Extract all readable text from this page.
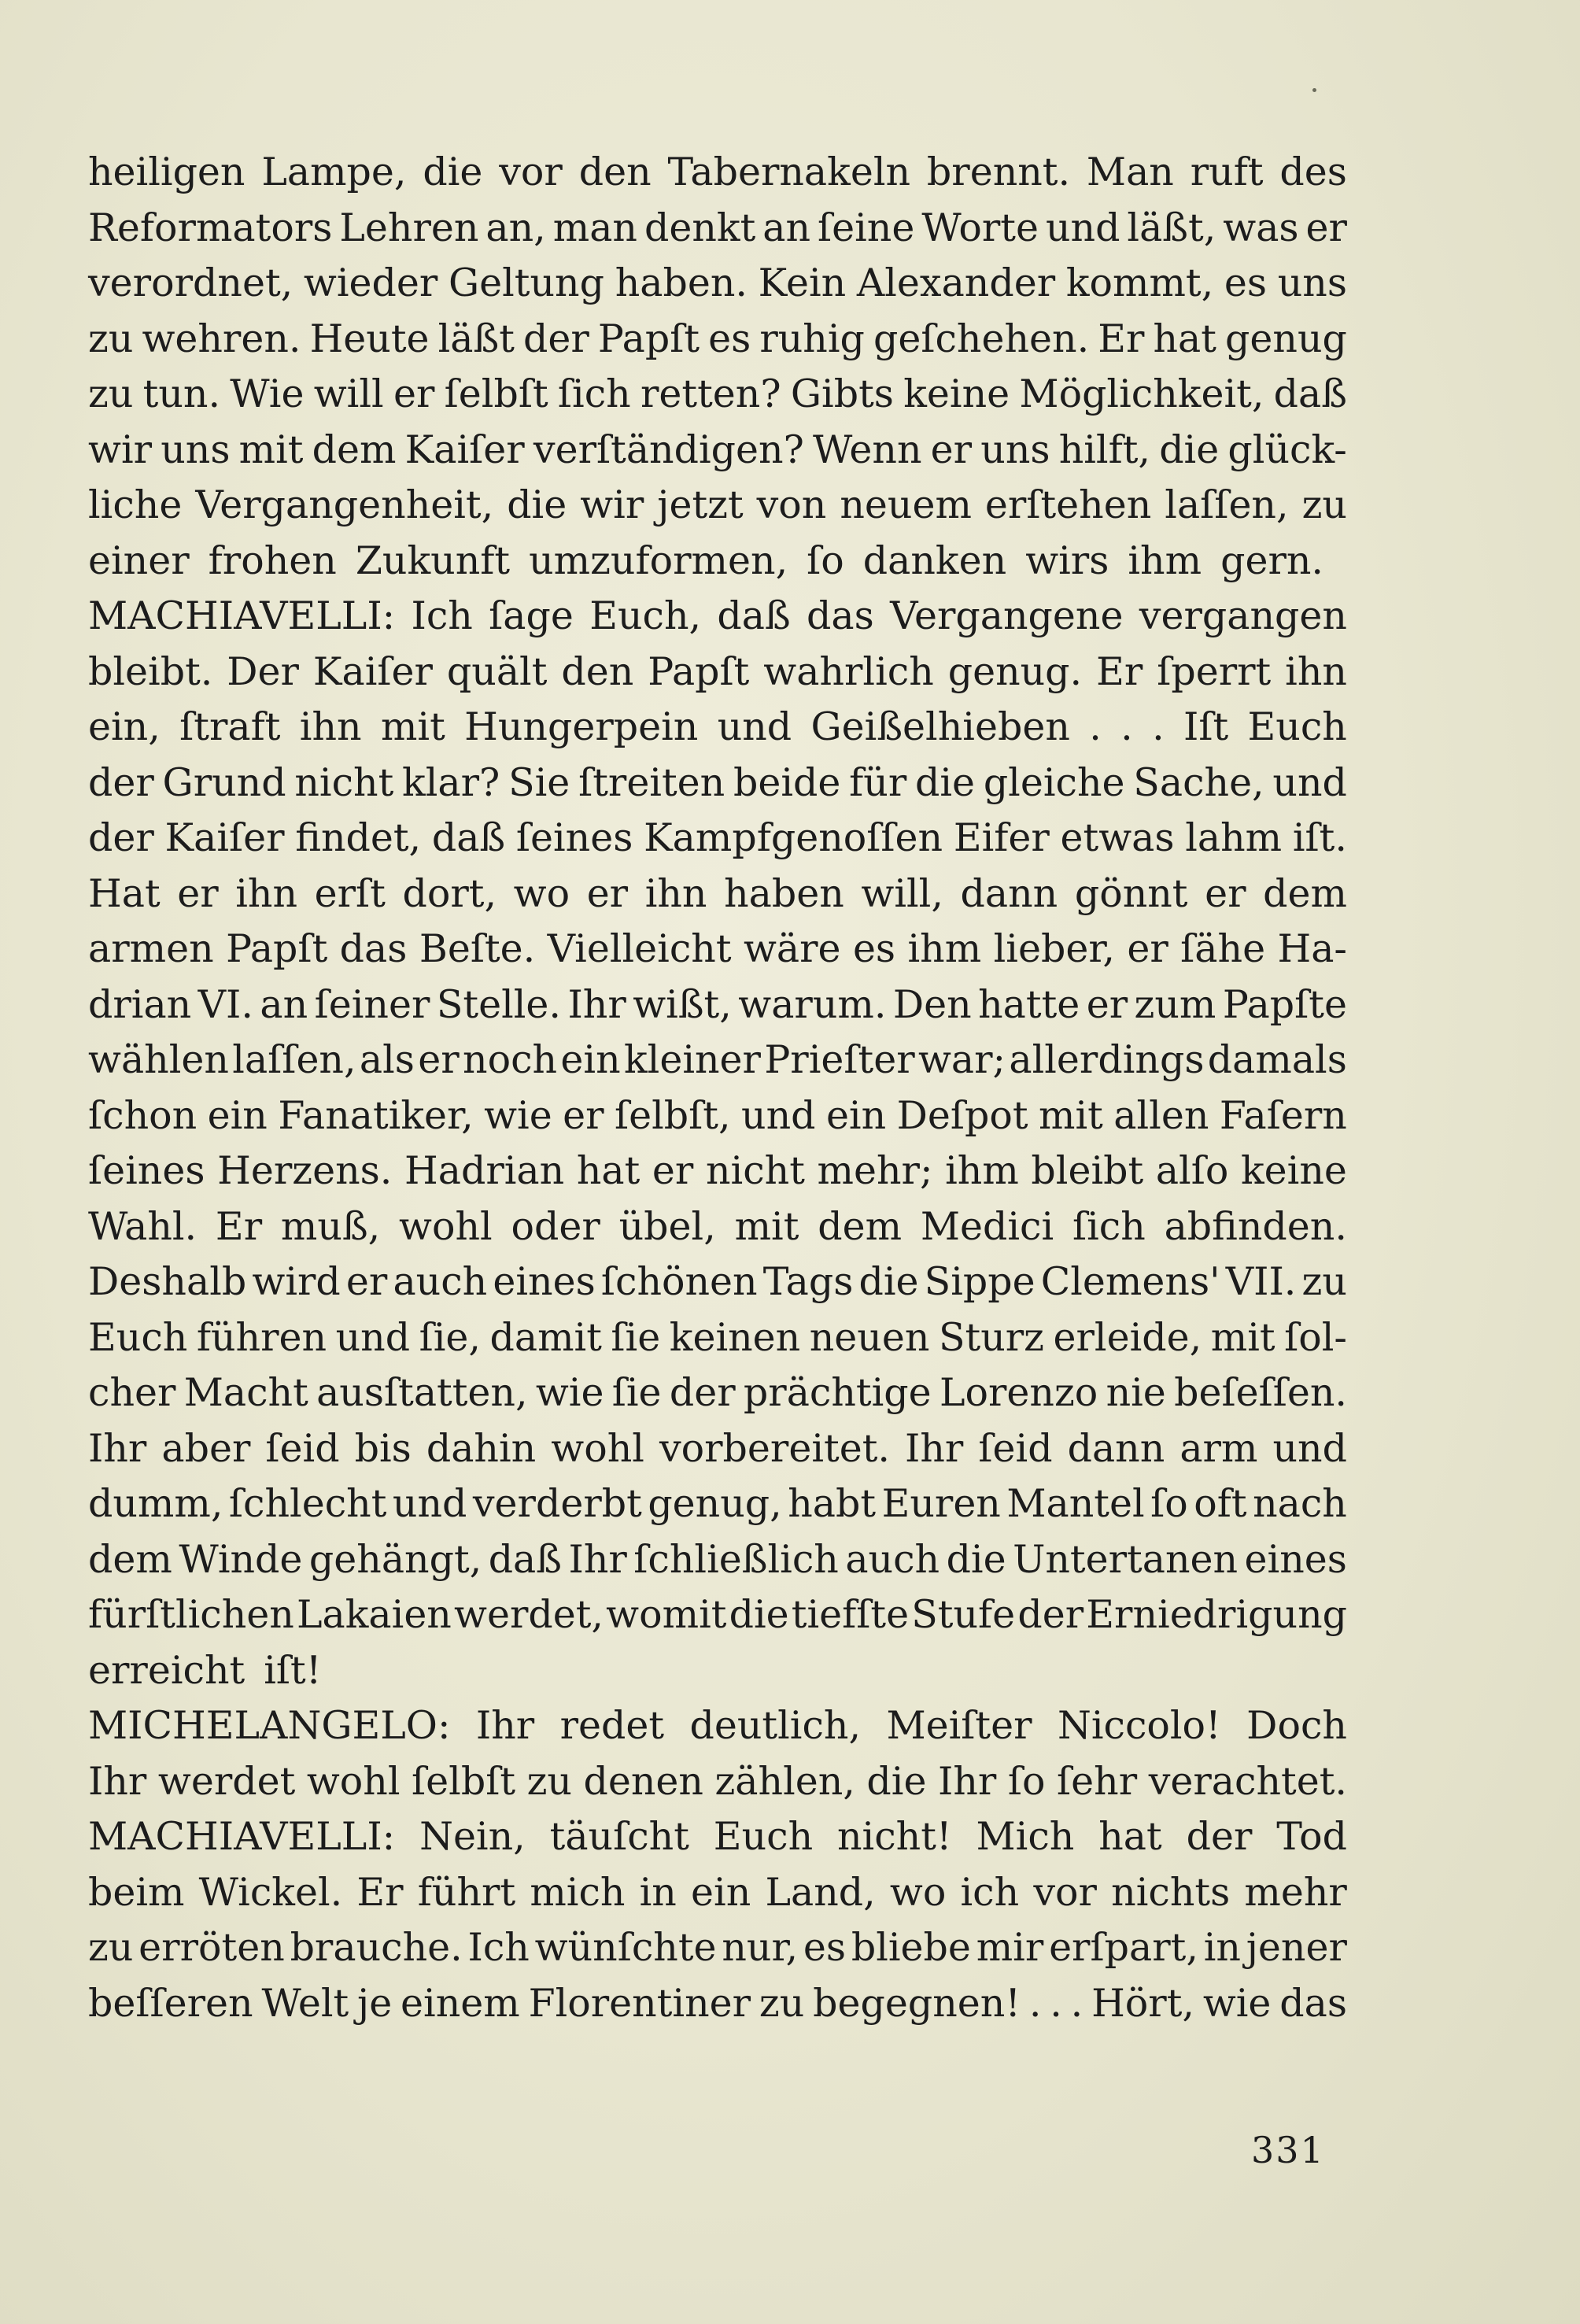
heiligen Lampe, die vor den Tabernakeln brennt. Man ruft des
Reformators Lehren an, man denkt an ſeine Worte und läßt, was er
verordnet, wieder Geltung haben. Kein Alexander kommt, es uns
zu wehren. Heute läßt der Papſt es ruhig geſchehen. Er hat genug
zu tun. Wie will er ſelbſt ſich retten? Gibts keine Möglichkeit, daß
wir uns mit dem Kaiſer verſtändigen? Wenn er uns hilft, die glück-
liche Vergangenheit, die wir jetzt von neuem erſtehen laſſen, zu
einer frohen Zukunft umzuformen, ſo danken wirs ihm gern.
MACHIAVELLI: Ich ſage Euch, daß das Vergangene vergangen
bleibt. Der Kaiſer quält den Papſt wahrlich genug. Er ſperrt ihn
ein, ſtraft ihn mit Hungerpein und Geißelhieben . . . Iſt Euch
der Grund nicht klar? Sie ſtreiten beide für die gleiche Sache, und
der Kaiſer findet, daß ſeines Kampfgenoſſen Eifer etwas lahm iſt.
Hat er ihn erſt dort, wo er ihn haben will, dann gönnt er dem
armen Papſt das Beſte. Vielleicht wäre es ihm lieber, er ſähe Ha-
drian VI. an ſeiner Stelle. Ihr wißt, warum. Den hatte er zum Papſte
wählen laſſen, als er noch ein kleiner Prieſter war; allerdings damals
ſchon ein Fanatiker, wie er ſelbſt, und ein Deſpot mit allen Faſern
ſeines Herzens. Hadrian hat er nicht mehr; ihm bleibt alſo keine
Wahl. Er muß, wohl oder übel, mit dem Medici ſich abfinden.
Deshalb wird er auch eines ſchönen Tags die Sippe Clemens' VII. zu
Euch führen und ſie, damit ſie keinen neuen Sturz erleide, mit ſol-
cher Macht ausſtatten, wie ſie der prächtige Lorenzo nie beſeſſen.
Ihr aber ſeid bis dahin wohl vorbereitet. Ihr ſeid dann arm und
dumm, ſchlecht und verderbt genug, habt Euren Mantel ſo oft nach
dem Winde gehängt, daß Ihr ſchließlich auch die Untertanen eines
fürſtlichen Lakaien werdet, womit die tiefſte Stufe der Erniedrigung
erreicht iſt!
MICHELANGELO: Ihr redet deutlich, Meiſter Niccolo! Doch
Ihr werdet wohl ſelbſt zu denen zählen, die Ihr ſo ſehr verachtet.
MACHIAVELLI: Nein, täuſcht Euch nicht! Mich hat der Tod
beim Wickel. Er führt mich in ein Land, wo ich vor nichts mehr
zu erröten brauche. Ich wünſchte nur, es bliebe mir erſpart, in jener
beſſeren Welt je einem Florentiner zu begegnen! . . . Hört, wie das
331
